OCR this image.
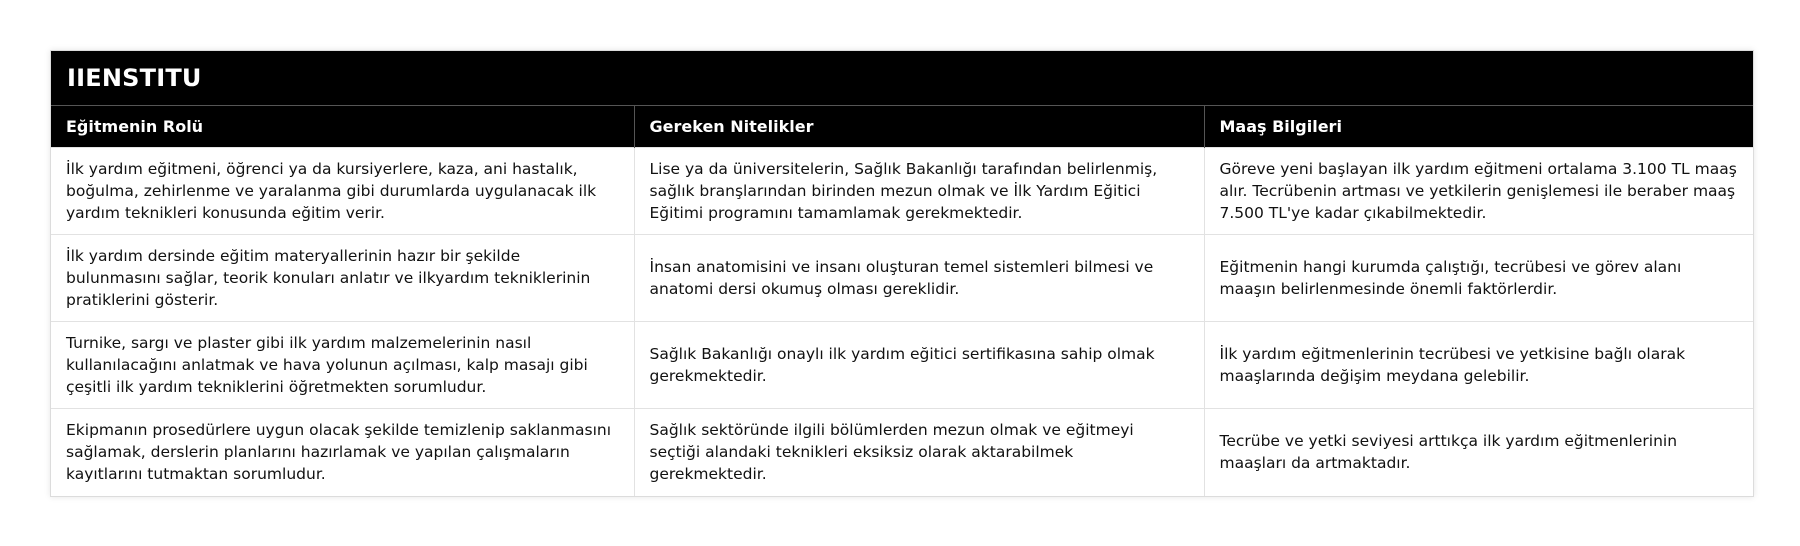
IIENSTITU
Eğitmenin Rolü	Gereken Nitelikler	Maaş Bilgileri
İlk yardım eğitmeni, öğrenci ya da kursiyerlere, kaza, ani hastalık, boğulma, zehirlenme ve yaralanma gibi durumlarda uygulanacak ilk yardım teknikleri konusunda eğitim verir.	Lise ya da üniversitelerin, Sağlık Bakanlığı tarafından belirlenmiş, sağlık branşlarından birinden mezun olmak ve İlk Yardım Eğitici Eğitimi programını tamamlamak gerekmektedir.	Göreve yeni başlayan ilk yardım eğitmeni ortalama 3.100 TL maaş alır. Tecrübenin artması ve yetkilerin genişlemesi ile beraber maaş 7.500 TL'ye kadar çıkabilmektedir.
İlk yardım dersinde eğitim materyallerinin hazır bir şekilde bulunmasını sağlar, teorik konuları anlatır ve ilkyardım tekniklerinin pratiklerini gösterir.	İnsan anatomisini ve insanı oluşturan temel sistemleri bilmesi ve anatomi dersi okumuş olması gereklidir.	Eğitmenin hangi kurumda çalıştığı, tecrübesi ve görev alanı maaşın belirlenmesinde önemli faktörlerdir.
Turnike, sargı ve plaster gibi ilk yardım malzemelerinin nasıl kullanılacağını anlatmak ve hava yolunun açılması, kalp masajı gibi çeşitli ilk yardım tekniklerini öğretmekten sorumludur.	Sağlık Bakanlığı onaylı ilk yardım eğitici sertifikasına sahip olmak gerekmektedir.	İlk yardım eğitmenlerinin tecrübesi ve yetkisine bağlı olarak maaşlarında değişim meydana gelebilir.
Ekipmanın prosedürlere uygun olacak şekilde temizlenip saklanmasını sağlamak, derslerin planlarını hazırlamak ve yapılan çalışmaların kayıtlarını tutmaktan sorumludur.	Sağlık sektöründe ilgili bölümlerden mezun olmak ve eğitmeyi seçtiği alandaki teknikleri eksiksiz olarak aktarabilmek gerekmektedir.	Tecrübe ve yetki seviyesi arttıkça ilk yardım eğitmenlerinin maaşları da artmaktadır.
